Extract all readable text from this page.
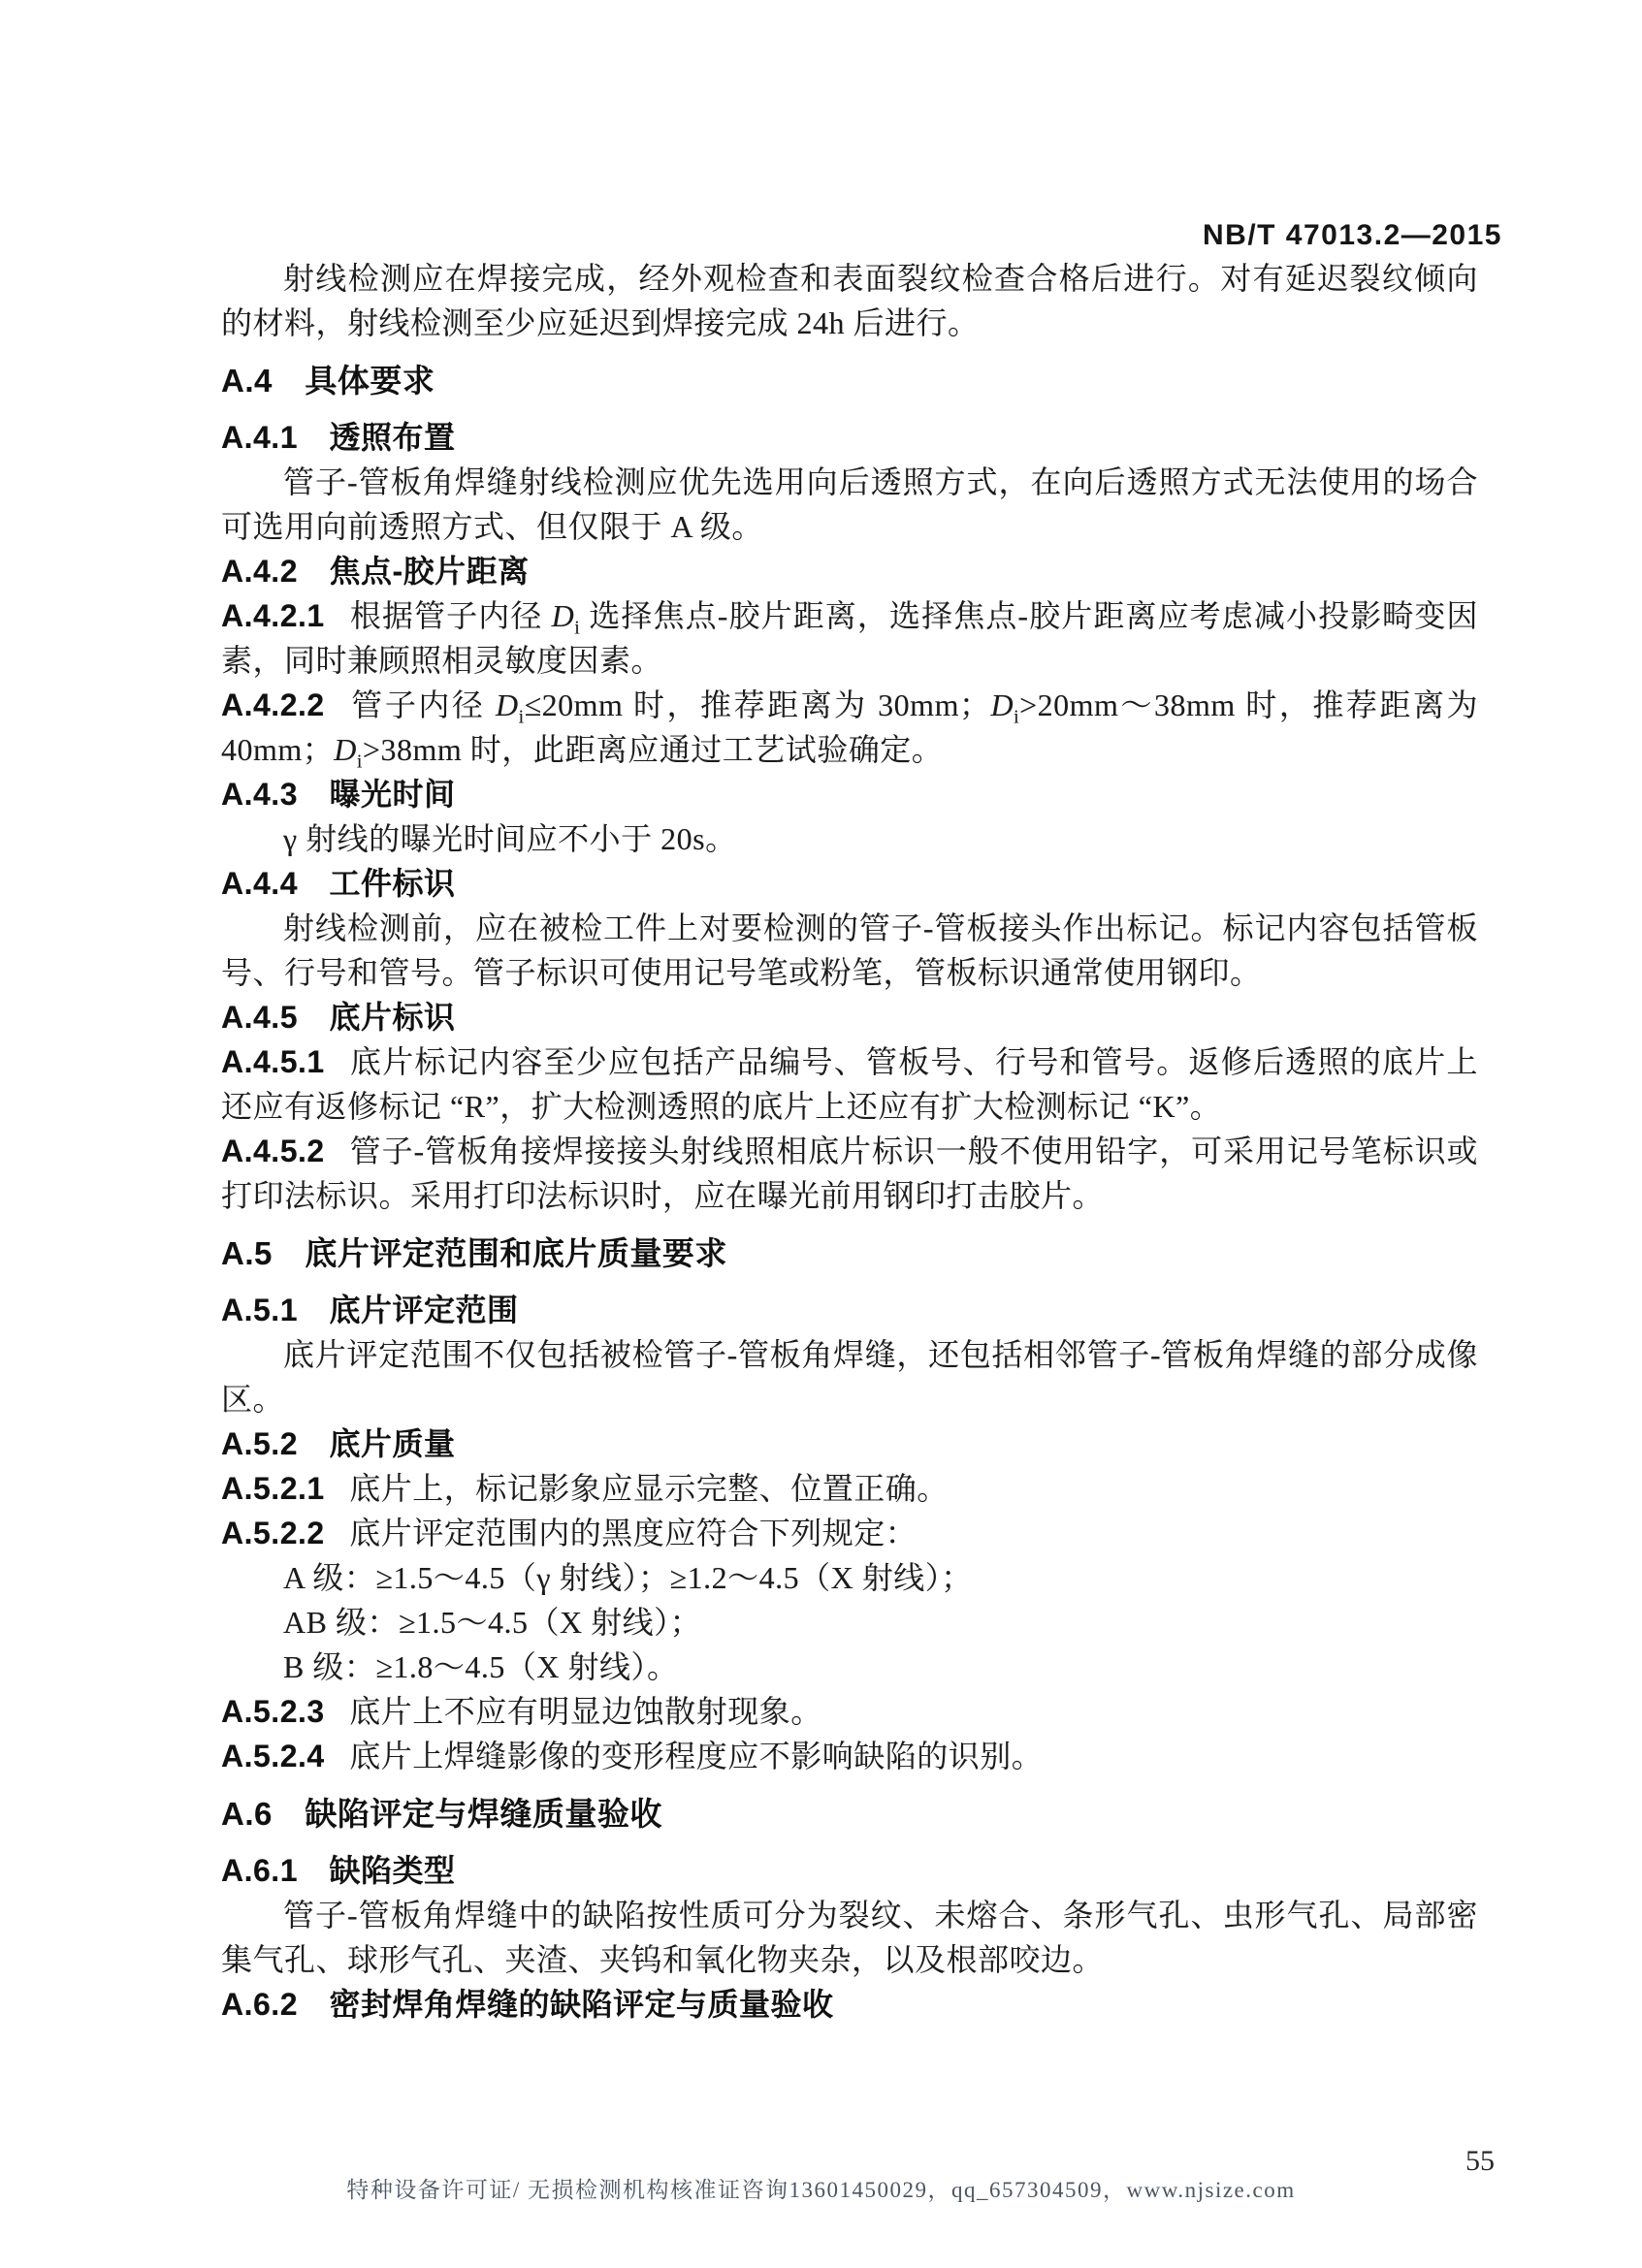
NB/T 47013.2—2015

射线检测应在焊接完成，经外观检查和表面裂纹检查合格后进行。对有延迟裂纹倾向的材料，射线检测至少应延迟到焊接完成 24h 后进行。

A.4　具体要求

A.4.1　透照布置

管子-管板角焊缝射线检测应优先选用向后透照方式，在向后透照方式无法使用的场合可选用向前透照方式、但仅限于 A 级。

A.4.2　焦点-胶片距离

A.4.2.1 根据管子内径 $D_i$ 选择焦点-胶片距离，选择焦点-胶片距离应考虑减小投影畸变因素，同时兼顾照相灵敏度因素。

A.4.2.2 管子内径 $D_i\le 20mm$ 时，推荐距离为 30mm；$D_i>20mm\sim 38mm$ 时，推荐距离为 40mm；$D_i>38mm$ 时，此距离应通过工艺试验确定。

A.4.3　曝光时间

γ 射线的曝光时间应不小于 20s。

A.4.4　工件标识

射线检测前，应在被检工件上对要检测的管子-管板接头作出标记。标记内容包括管板号、行号和管号。管子标识可使用记号笔或粉笔，管板标识通常使用钢印。

A.4.5　底片标识

A.4.5.1 底片标记内容至少应包括产品编号、管板号、行号和管号。返修后透照的底片上还应有返修标记 “R”，扩大检测透照的底片上还应有扩大检测标记 “K”。

A.4.5.2 管子-管板角接焊接接头射线照相底片标识一般不使用铅字，可采用记号笔标识或打印法标识。采用打印法标识时，应在曝光前用钢印打击胶片。

A.5　底片评定范围和底片质量要求

A.5.1　底片评定范围

底片评定范围不仅包括被检管子-管板角焊缝，还包括相邻管子-管板角焊缝的部分成像区。

A.5.2　底片质量

A.5.2.1 底片上，标记影象应显示完整、位置正确。

A.5.2.2 底片评定范围内的黑度应符合下列规定：

A 级：≥1.5～4.5（γ 射线）；≥1.2～4.5（X 射线）；

AB 级：≥1.5～4.5（X 射线）；

B 级：≥1.8～4.5（X 射线）。

A.5.2.3 底片上不应有明显边蚀散射现象。

A.5.2.4 底片上焊缝影像的变形程度应不影响缺陷的识别。

A.6　缺陷评定与焊缝质量验收

A.6.1　缺陷类型

管子-管板角焊缝中的缺陷按性质可分为裂纹、未熔合、条形气孔、虫形气孔、局部密集气孔、球形气孔、夹渣、夹钨和氧化物夹杂，以及根部咬边。

A.6.2　密封焊角焊缝的缺陷评定与质量验收

55
特种设备许可证/ 无损检测机构核准证咨询13601450029，qq_657304509，www.njsize.com
